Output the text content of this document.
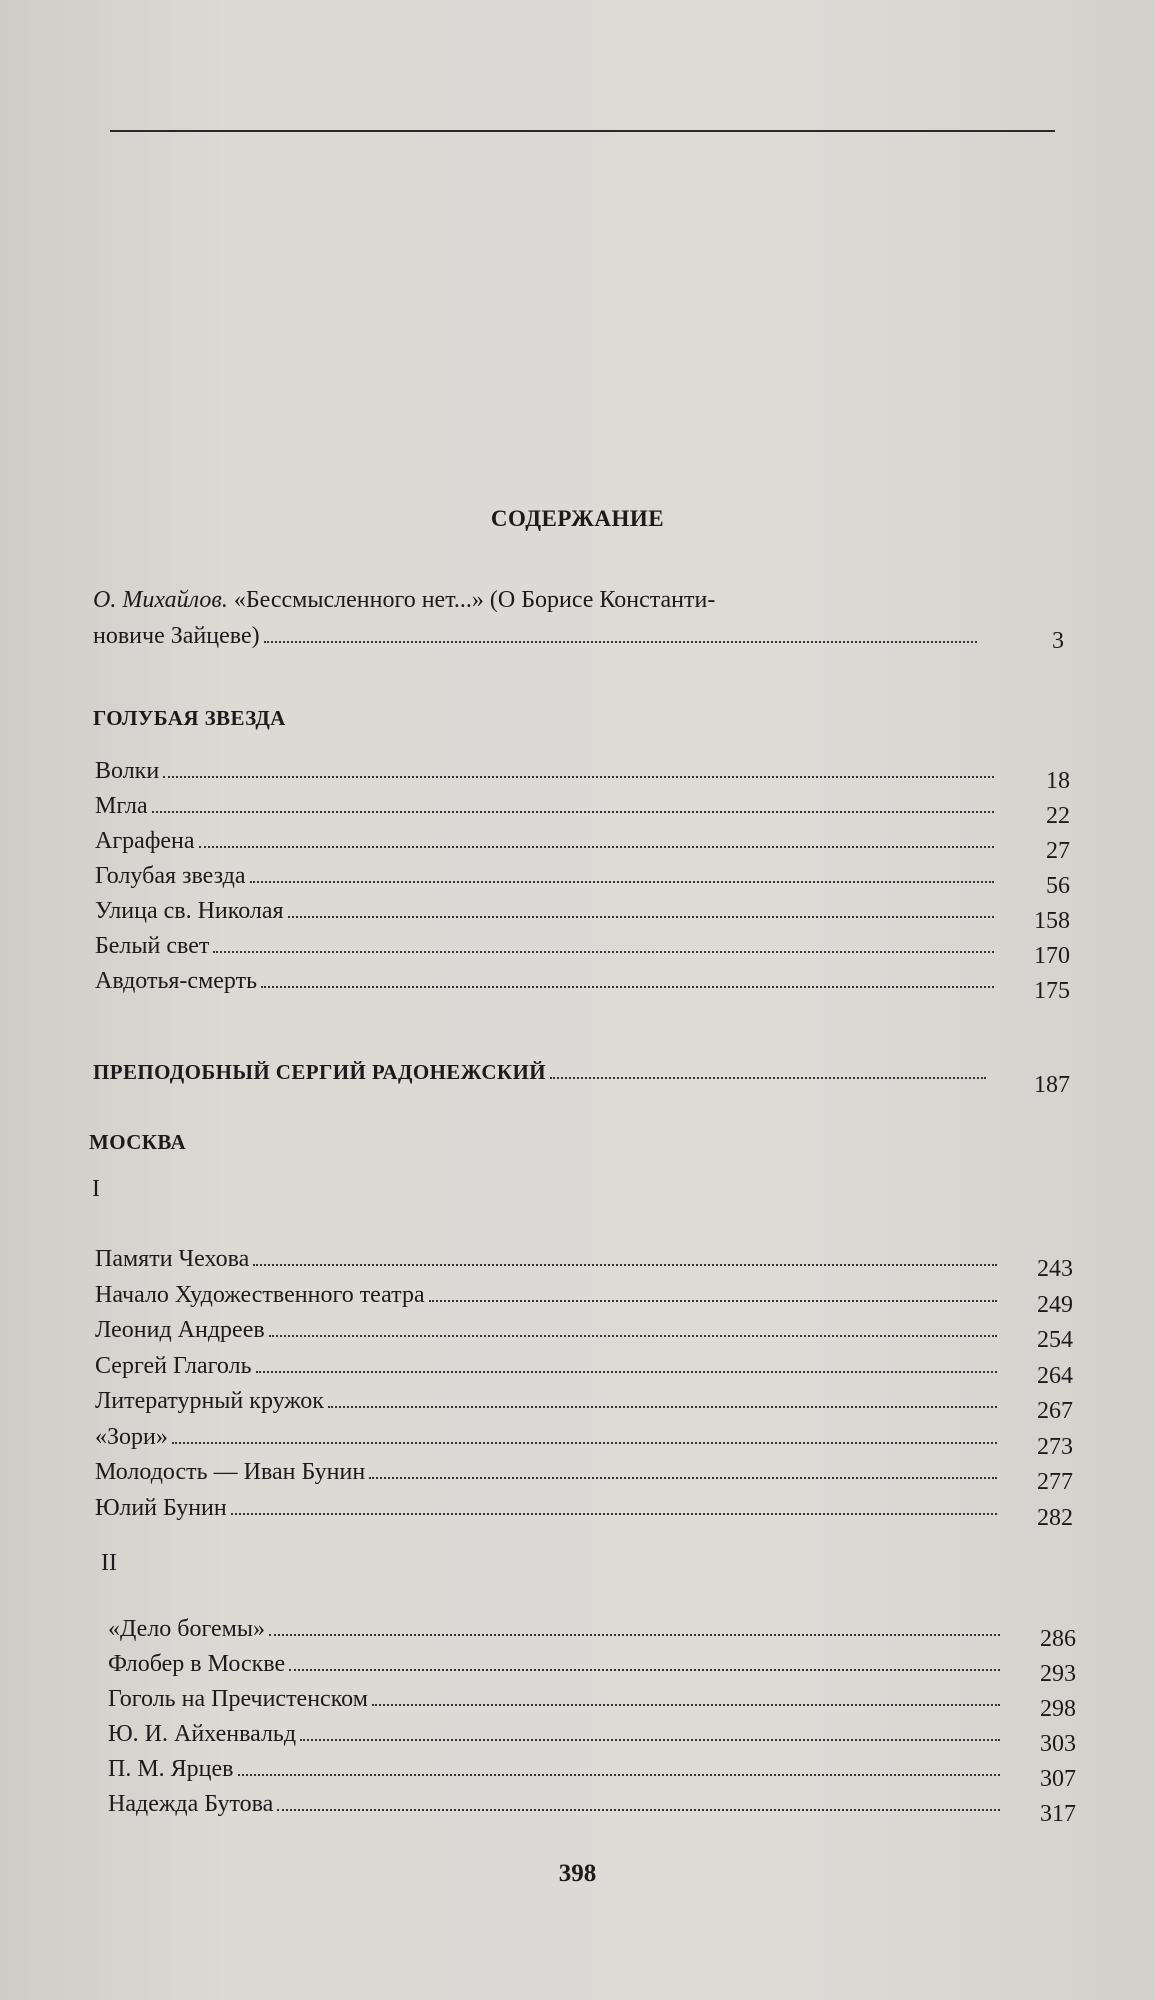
СОДЕРЖАНИЕ
О. Михайлов. «Бессмысленного нет...» (О Борисе Константи-
новиче Зайцеве)	3
ГОЛУБАЯ ЗВЕЗДА
Волки	18
Мгла	22
Аграфена	27
Голубая звезда	56
Улица св. Николая	158
Белый свет	170
Авдотья-смерть	175
ПРЕПОДОБНЫЙ СЕРГИЙ РАДОНЕЖСКИЙ	187
МОСКВА
I
Памяти Чехова	243
Начало Художественного театра	249
Леонид Андреев	254
Сергей Глаголь	264
Литературный кружок	267
«Зори»	273
Молодость — Иван Бунин	277
Юлий Бунин	282
II
«Дело богемы»	286
Флобер в Москве	293
Гоголь на Пречистенском	298
Ю. И. Айхенвальд	303
П. М. Ярцев	307
Надежда Бутова	317
398
